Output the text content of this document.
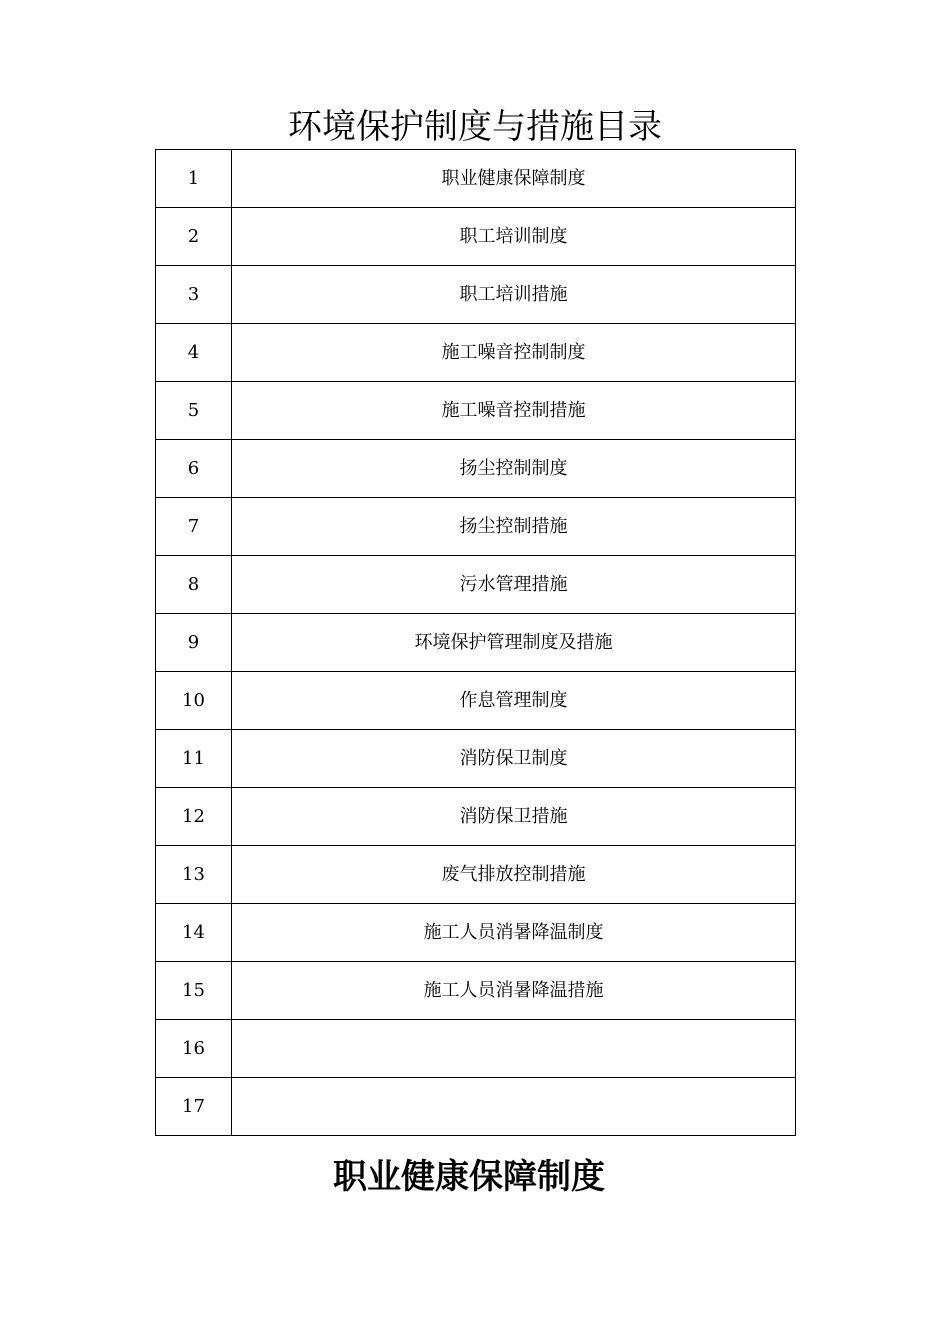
环境保护制度与措施目录
1	职业健康保障制度
2	职工培训制度
3	职工培训措施
4	施工噪音控制制度
5	施工噪音控制措施
6	扬尘控制制度
7	扬尘控制措施
8	污水管理措施
9	环境保护管理制度及措施
10	作息管理制度
11	消防保卫制度
12	消防保卫措施
13	废气排放控制措施
14	施工人员消暑降温制度
15	施工人员消暑降温措施
16	
17	
职业健康保障制度
